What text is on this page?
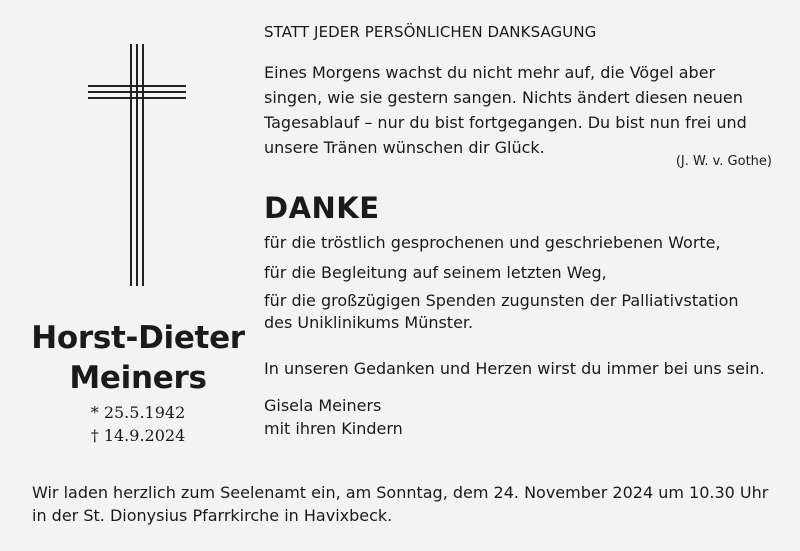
Horst-Dieter
Meiners
* 25.5.1942
† 14.9.2024
STATT JEDER PERSÖNLICHEN DANKSAGUNG
Eines Morgens wachst du nicht mehr auf, die Vögel aber
singen, wie sie gestern sangen. Nichts ändert diesen neuen
Tagesablauf – nur du bist fortgegangen. Du bist nun frei und
unsere Tränen wünschen dir Glück.
(J. W. v. Gothe)
DANKE
für die tröstlich gesprochenen und geschriebenen Worte,
für die Begleitung auf seinem letzten Weg,
für die großzügigen Spenden zugunsten der Palliativstation
des Uniklinikums Münster.
In unseren Gedanken und Herzen wirst du immer bei uns sein.
Gisela Meiners
mit ihren Kindern
Wir laden herzlich zum Seelenamt ein, am Sonntag, dem 24. November 2024 um 10.30 Uhr
in der St. Dionysius Pfarrkirche in Havixbeck.
